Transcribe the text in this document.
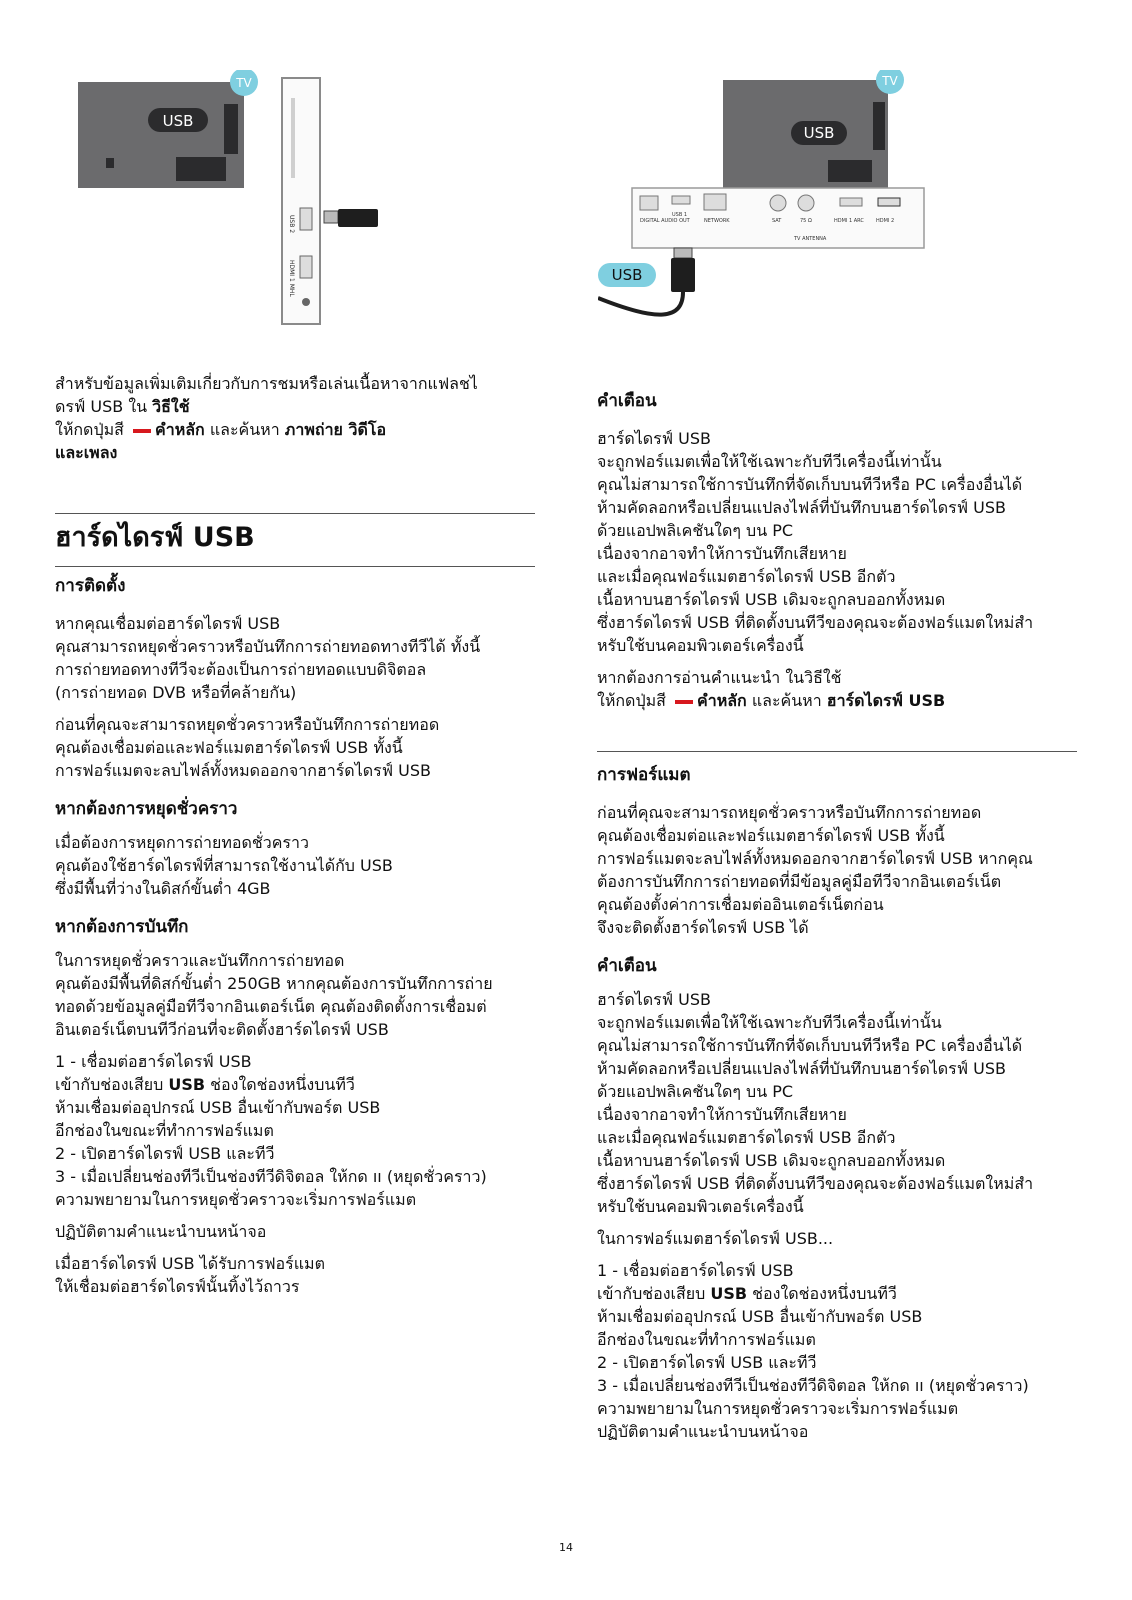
USB
TV
USB 2
HDMI 1 MHL
USB
TV
DIGITAL AUDIO OUT
USB 1
NETWORK	SAT	75 Ω	HDMI 1 ARC HDMI 2
TV ANTENNA
USB

สำหรับข้อมูลเพิ่มเติมเกี่ยวกับการชมหรือเล่นเนื้อหาจากแฟลชไ
ดรฟ์ USB ใน วิธีใช้
ให้กดปุ่มสี คำหลัก และค้นหา ภาพถ่าย วิดีโอ
และเพลง

ฮาร์ดไดรฟ์ USB
การติดตั้ง

หากคุณเชื่อมต่อฮาร์ดไดรฟ์ USB
คุณสามารถหยุดชั่วคราวหรือบันทึกการถ่ายทอดทางทีวีได้ ทั้งนี้
การถ่ายทอดทางทีวีจะต้องเป็นการถ่ายทอดแบบดิจิตอล
(การถ่ายทอด DVB หรือที่คล้ายกัน)

ก่อนที่คุณจะสามารถหยุดชั่วคราวหรือบันทึกการถ่ายทอด
คุณต้องเชื่อมต่อและฟอร์แมตฮาร์ดไดรฟ์ USB ทั้งนี้
การฟอร์แมตจะลบไฟล์ทั้งหมดออกจากฮาร์ดไดรฟ์ USB

หากต้องการหยุดชั่วคราว

เมื่อต้องการหยุดการถ่ายทอดชั่วคราว
คุณต้องใช้ฮาร์ดไดรฟ์ที่สามารถใช้งานได้กับ USB
ซึ่งมีพื้นที่ว่างในดิสก์ขั้นต่ำ 4GB

หากต้องการบันทึก

ในการหยุดชั่วคราวและบันทึกการถ่ายทอด
คุณต้องมีพื้นที่ดิสก์ขั้นต่ำ 250GB หากคุณต้องการบันทึกการถ่าย
ทอดด้วยข้อมูลคู่มือทีวีจากอินเตอร์เน็ต คุณต้องติดตั้งการเชื่อมต่
อินเตอร์เน็ตบนทีวีก่อนที่จะติดตั้งฮาร์ดไดรฟ์ USB

1 - เชื่อมต่อฮาร์ดไดรฟ์ USB
เข้ากับช่องเสียบ USB ช่องใดช่องหนึ่งบนทีวี
ห้ามเชื่อมต่ออุปกรณ์ USB อื่นเข้ากับพอร์ต USB
อีกช่องในขณะที่ทำการฟอร์แมต
2 - เปิดฮาร์ดไดรฟ์ USB และทีวี
3 - เมื่อเปลี่ยนช่องทีวีเป็นช่องทีวีดิจิตอล ให้กด ıı (หยุดชั่วคราว)
ความพยายามในการหยุดชั่วคราวจะเริ่มการฟอร์แมต

ปฏิบัติตามคำแนะนำบนหน้าจอ

เมื่อฮาร์ดไดรฟ์ USB ได้รับการฟอร์แมต
ให้เชื่อมต่อฮาร์ดไดรฟ์นั้นทิ้งไว้ถาวร

คำเตือน

ฮาร์ดไดรฟ์ USB
จะถูกฟอร์แมตเพื่อให้ใช้เฉพาะกับทีวีเครื่องนี้เท่านั้น
คุณไม่สามารถใช้การบันทึกที่จัดเก็บบนทีวีหรือ PC เครื่องอื่นได้
ห้ามคัดลอกหรือเปลี่ยนแปลงไฟล์ที่บันทึกบนฮาร์ดไดรฟ์ USB
ด้วยแอปพลิเคชันใดๆ บน PC
เนื่องจากอาจทำให้การบันทึกเสียหาย
และเมื่อคุณฟอร์แมตฮาร์ดไดรฟ์ USB อีกตัว
เนื้อหาบนฮาร์ดไดรฟ์ USB เดิมจะถูกลบออกทั้งหมด
ซึ่งฮาร์ดไดรฟ์ USB ที่ติดตั้งบนทีวีของคุณจะต้องฟอร์แมตใหม่สำ
หรับใช้บนคอมพิวเตอร์เครื่องนี้

หากต้องการอ่านคำแนะนำ ในวิธีใช้
ให้กดปุ่มสี คำหลัก และค้นหา ฮาร์ดไดรฟ์ USB

การฟอร์แมต

ก่อนที่คุณจะสามารถหยุดชั่วคราวหรือบันทึกการถ่ายทอด
คุณต้องเชื่อมต่อและฟอร์แมตฮาร์ดไดรฟ์ USB ทั้งนี้
การฟอร์แมตจะลบไฟล์ทั้งหมดออกจากฮาร์ดไดรฟ์ USB หากคุณ
ต้องการบันทึกการถ่ายทอดที่มีข้อมูลคู่มือทีวีจากอินเตอร์เน็ต
คุณต้องตั้งค่าการเชื่อมต่ออินเตอร์เน็ตก่อน
จึงจะติดตั้งฮาร์ดไดรฟ์ USB ได้

คำเตือน

ฮาร์ดไดรฟ์ USB
จะถูกฟอร์แมตเพื่อให้ใช้เฉพาะกับทีวีเครื่องนี้เท่านั้น
คุณไม่สามารถใช้การบันทึกที่จัดเก็บบนทีวีหรือ PC เครื่องอื่นได้
ห้ามคัดลอกหรือเปลี่ยนแปลงไฟล์ที่บันทึกบนฮาร์ดไดรฟ์ USB
ด้วยแอปพลิเคชันใดๆ บน PC
เนื่องจากอาจทำให้การบันทึกเสียหาย
และเมื่อคุณฟอร์แมตฮาร์ดไดรฟ์ USB อีกตัว
เนื้อหาบนฮาร์ดไดรฟ์ USB เดิมจะถูกลบออกทั้งหมด
ซึ่งฮาร์ดไดรฟ์ USB ที่ติดตั้งบนทีวีของคุณจะต้องฟอร์แมตใหม่สำ
หรับใช้บนคอมพิวเตอร์เครื่องนี้

ในการฟอร์แมตฮาร์ดไดรฟ์ USB...

1 - เชื่อมต่อฮาร์ดไดรฟ์ USB
เข้ากับช่องเสียบ USB ช่องใดช่องหนึ่งบนทีวี
ห้ามเชื่อมต่ออุปกรณ์ USB อื่นเข้ากับพอร์ต USB
อีกช่องในขณะที่ทำการฟอร์แมต
2 - เปิดฮาร์ดไดรฟ์ USB และทีวี
3 - เมื่อเปลี่ยนช่องทีวีเป็นช่องทีวีดิจิตอล ให้กด ıı (หยุดชั่วคราว)
ความพยายามในการหยุดชั่วคราวจะเริ่มการฟอร์แมต
ปฏิบัติตามคำแนะนำบนหน้าจอ

14
